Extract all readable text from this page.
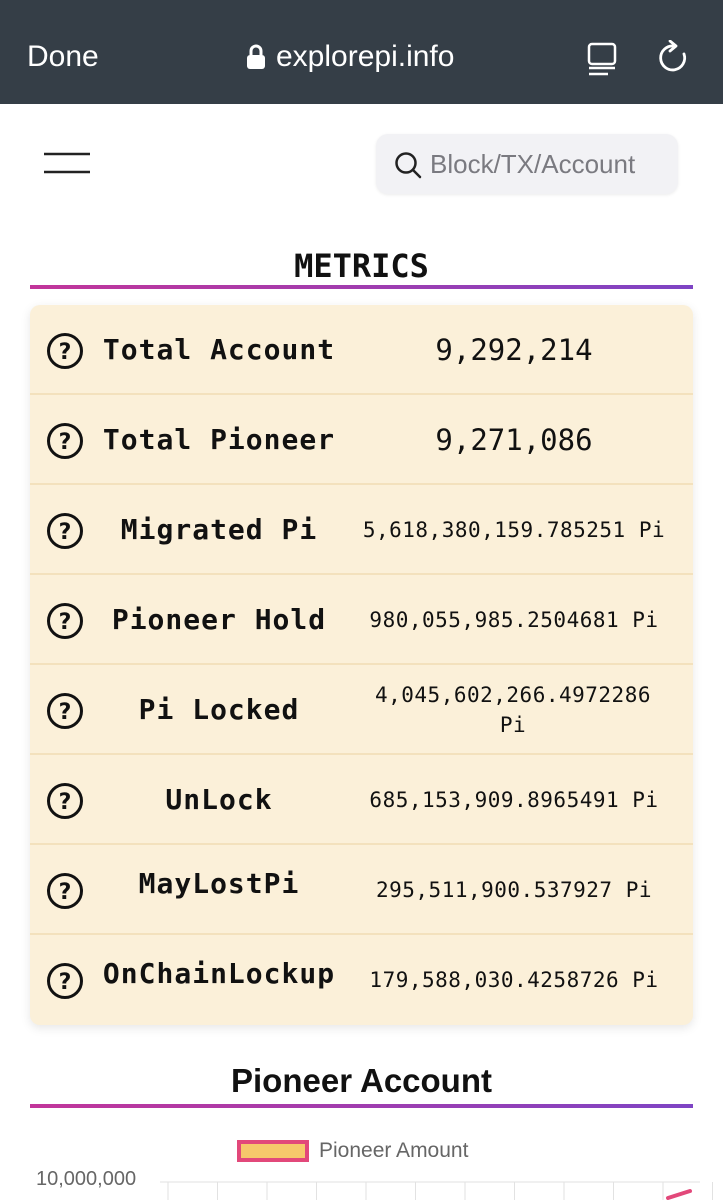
Done	explorepi.info
Block/TX/Account
METRICS
? Total Account	9,292,214
? Total Pioneer	9,271,086
?	Migrated Pi	5,618,380,159.785251 Pi
?	Pioneer Hold	980,055,985.2504681 Pi
?	Pi Locked	4,045,602,266.4972286 Pi
?	UnLock	685,153,909.8965491 Pi
?	MayLostPi	295,511,900.537927 Pi
? OnChainLockup	179,588,030.4258726 Pi
Pioneer Account
Pioneer Amount
10,000,000
